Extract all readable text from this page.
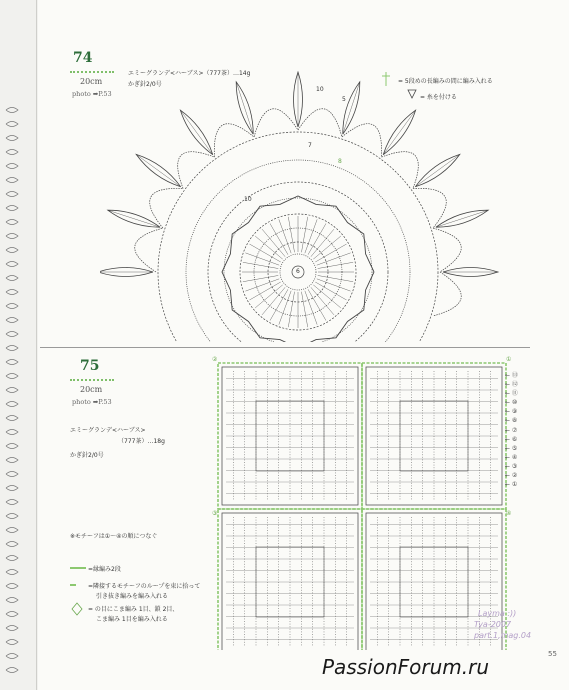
74
20cm
photo ➡P.53
エミーグランデ<ハーブス>（777茶）…14g
かぎ針2/0号	= 5段めの長編みの間に編み入れる
= 糸を付ける
10
5
7
8
10
6
75
20cm
photo ➡P.53
エミーグランデ<ハーブス>
（777茶）…18g
かぎ針2/0号
※モチーフは①〜④の順につなぐ
=縁編み2段
=隣接するモチーフのループを束に拾って
引き抜き編みを編み入れる
= の目にこま編み 1目、鎖 2目、
こま編み 1目を編み入れる
②	①
③	④
← ⑬
← ⑫
← ⑪
← ⑩
← ⑨
← ⑧
← ⑦
← ⑥
← ⑤
← ④
← ③
← ②
← ①
Layma :))
Tya-2007
part.1,mag.04
PassionForum.ru
55
